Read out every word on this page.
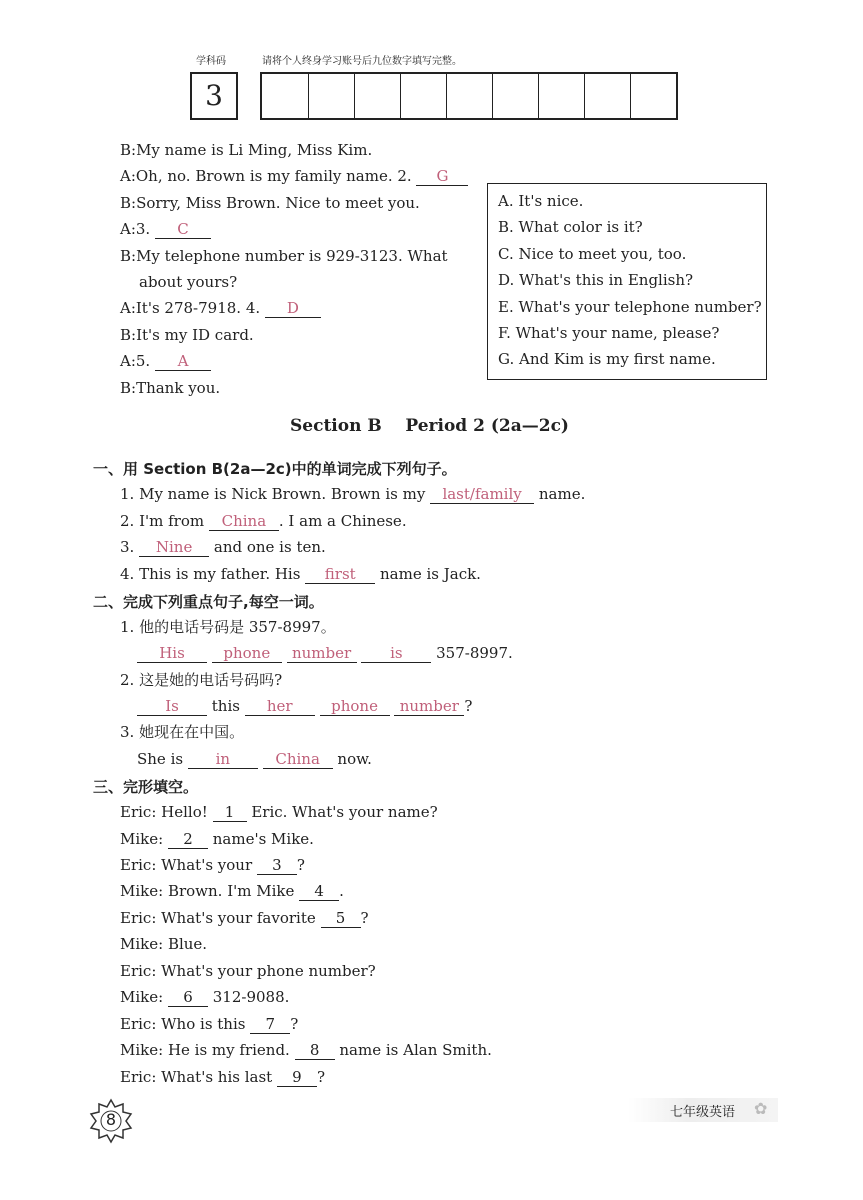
学科码	请将个人终身学习账号后九位数字填写完整。
3
B:My name is Li Ming, Miss Kim.
A:Oh, no. Brown is my family name. 2. G
B:Sorry, Miss Brown. Nice to meet you.
A:3. C
B:My telephone number is 929-3123. What
about yours?
A:It's 278-7918. 4. D
B:It's my ID card.
A:5. A
B:Thank you.
A. It's nice.
B. What color is it?
C. Nice to meet you, too.
D. What's this in English?
E. What's your telephone number?
F. What's your name, please?
G. And Kim is my first name.
Section B    Period 2 (2a—2c)
一、用 Section B(2a—2c)中的单词完成下列句子。
1. My name is Nick Brown. Brown is my last/family name.
2. I'm from China . I am a Chinese.
3. Nine and one is ten.
4. This is my father. His first name is Jack.
二、完成下列重点句子,每空一词。
1. 他的电话号码是 357-8997。
His	phone number	is 357-8997.
2. 这是她的电话号码吗?
Is this her	phone number ?
3. 她现在在中国。
She is in	China now.
三、完形填空。
Eric: Hello! 1 Eric. What's your name?
Mike: 2 name's Mike.
Eric: What's your 3 ?
Mike: Brown. I'm Mike 4 .
Eric: What's your favorite 5 ?
Mike: Blue.
Eric: What's your phone number?
Mike: 6 312-9088.
Eric: Who is this 7 ?
Mike: He is my friend. 8 name is Alan Smith.
Eric: What's his last 9 ?
8	七年级英语 ✿
